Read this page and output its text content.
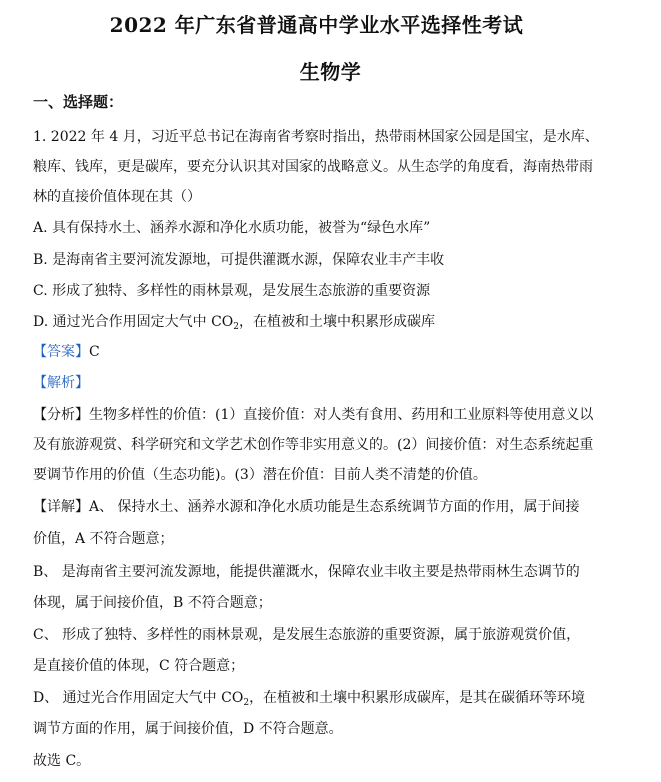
2022 年广东省普通高中学业水平选择性考试
生物学
一、选择题：
1. 2022 年 4 月，习近平总书记在海南省考察时指出，热带雨林国家公园是国宝，是水库、
粮库、钱库，更是碳库，要充分认识其对国家的战略意义。从生态学的角度看，海南热带雨
林的直接价值体现在其（）
A. 具有保持水土、涵养水源和净化水质功能，被誉为“绿色水库”
B. 是海南省主要河流发源地，可提供灌溉水源，保障农业丰产丰收
C. 形成了独特、多样性的雨林景观，是发展生态旅游的重要资源
D. 通过光合作用固定大气中 $CO_2$，在植被和土壤中积累形成碳库
【答案】C
【解析】
【分析】生物多样性的价值：(1）直接价值：对人类有食用、药用和工业原料等使用意义以
及有旅游观赏、科学研究和文学艺术创作等非实用意义的。(2）间接价值：对生态系统起重
要调节作用的价值（生态功能)。(3）潜在价值：目前人类不清楚的价值。
【详解】A、 保持水土、涵养水源和净化水质功能是生态系统调节方面的作用，属于间接
价值，A 不符合题意；
B、 是海南省主要河流发源地，能提供灌溉水，保障农业丰收主要是热带雨林生态调节的
体现，属于间接价值，B 不符合题意；
C、 形成了独特、多样性的雨林景观，是发展生态旅游的重要资源，属于旅游观赏价值，
是直接价值的体现，C 符合题意；
D、 通过光合作用固定大气中 $CO_2$，在植被和土壤中积累形成碳库，是其在碳循环等环境
调节方面的作用，属于间接价值，D 不符合题意。
故选 C。
